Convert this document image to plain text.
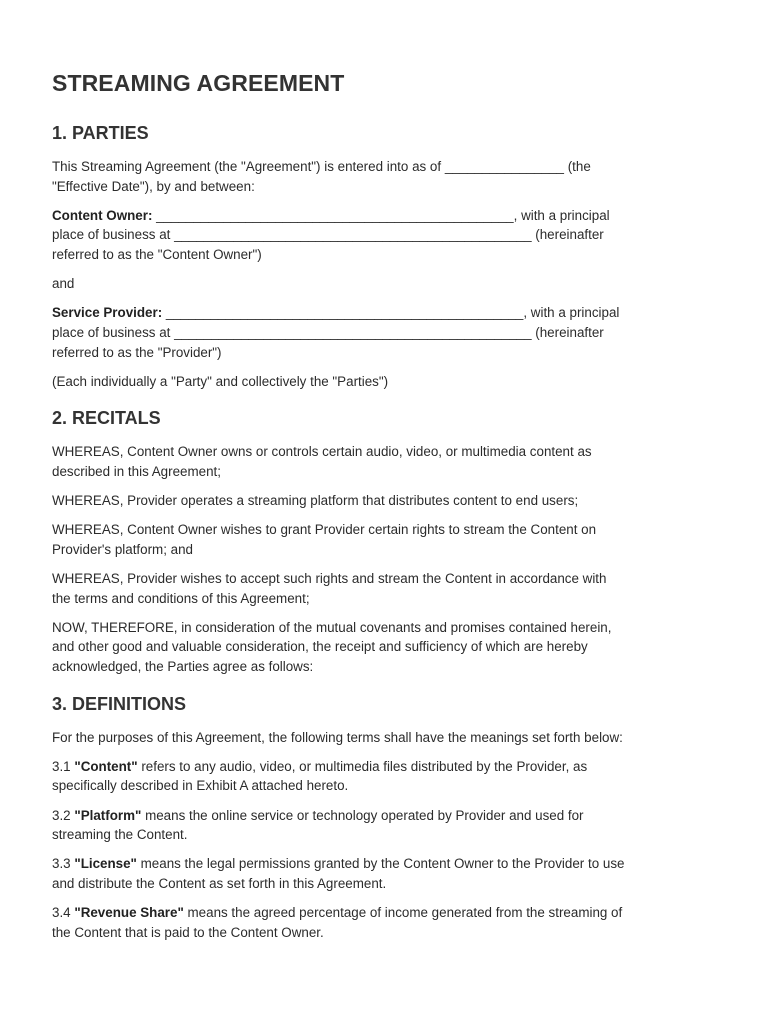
STREAMING AGREEMENT
1. PARTIES

This Streaming Agreement (the "Agreement") is entered into as of ________________ (the
"Effective Date"), by and between:

Content Owner: ________________________________________________, with a principal
place of business at ________________________________________________ (hereinafter
referred to as the "Content Owner")

and

Service Provider: ________________________________________________, with a principal
place of business at ________________________________________________ (hereinafter
referred to as the "Provider")

(Each individually a "Party" and collectively the "Parties")

2. RECITALS

WHEREAS, Content Owner owns or controls certain audio, video, or multimedia content as
described in this Agreement;

WHEREAS, Provider operates a streaming platform that distributes content to end users;

WHEREAS, Content Owner wishes to grant Provider certain rights to stream the Content on
Provider's platform; and

WHEREAS, Provider wishes to accept such rights and stream the Content in accordance with
the terms and conditions of this Agreement;

NOW, THEREFORE, in consideration of the mutual covenants and promises contained herein,
and other good and valuable consideration, the receipt and sufficiency of which are hereby
acknowledged, the Parties agree as follows:

3. DEFINITIONS

For the purposes of this Agreement, the following terms shall have the meanings set forth below:

3.1 "Content" refers to any audio, video, or multimedia files distributed by the Provider, as
specifically described in Exhibit A attached hereto.

3.2 "Platform" means the online service or technology operated by Provider and used for
streaming the Content.

3.3 "License" means the legal permissions granted by the Content Owner to the Provider to use
and distribute the Content as set forth in this Agreement.

3.4 "Revenue Share" means the agreed percentage of income generated from the streaming of
the Content that is paid to the Content Owner.
